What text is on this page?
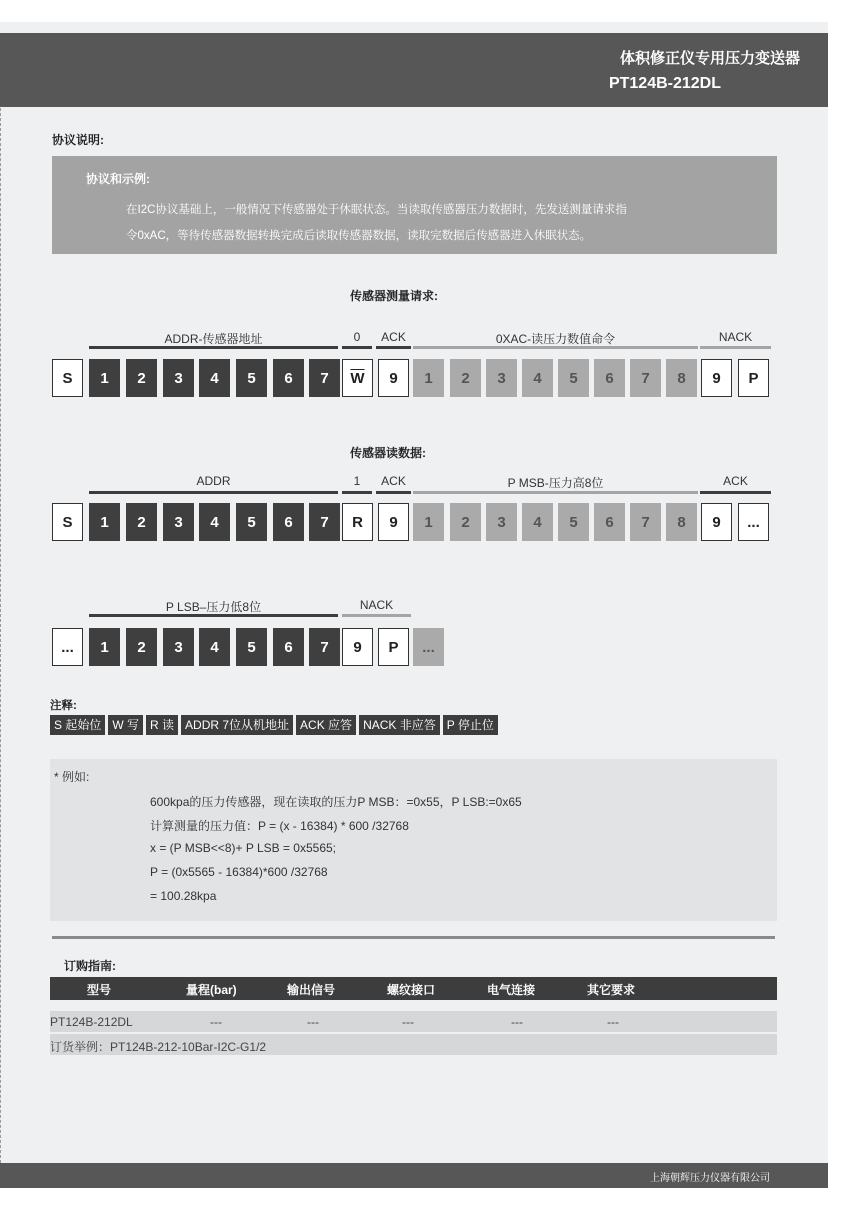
体积修正仪专用压力变送器
PT124B-212DL
协议说明:
协议和示例:
在I2C协议基础上，一般情况下传感器处于休眠状态。当读取传感器压力数据时，先发送测量请求指
令0xAC，等待传感器数据转换完成后读取传感器数据，读取完数据后传感器进入休眠状态。
传感器测量请求:
ADDR-传感器地址	0	ACK	0XAC-读压力数值命令	NACK
S 1 2 3 4 5 6 7 $\overline{W}$ 9 1 2 3 4 5 6 7 8 9 P
传感器读数据:
ADDR	1	ACK	P MSB-压力高8位	ACK
S 1 2 3 4 5 6 7 R 9 1 2 3 4 5 6 7 8 9 ...
P LSB–压力低8位	NACK
... 1 2 3 4 5 6 7 9 P ...
注释:
S 起始位 W 写 R 读 ADDR 7位从机地址 ACK 应答 NACK 非应答 P 停止位
* 例如:
600kpa的压力传感器，现在读取的压力P MSB：=0x55，P LSB:=0x65
计算测量的压力值：P = (x - 16384) * 600 /32768
x = (P MSB<<8)+ P LSB = 0x5565;
P = (0x5565 - 16384)*600 /32768
= 100.28kpa
订购指南:
型号	量程(bar)	输出信号	螺纹接口	电气连接	其它要求
PT124B-212DL	---	---	---	---	---
订货举例：PT124B-212-10Bar-I2C-G1/2
上海朝辉压力仪器有限公司
